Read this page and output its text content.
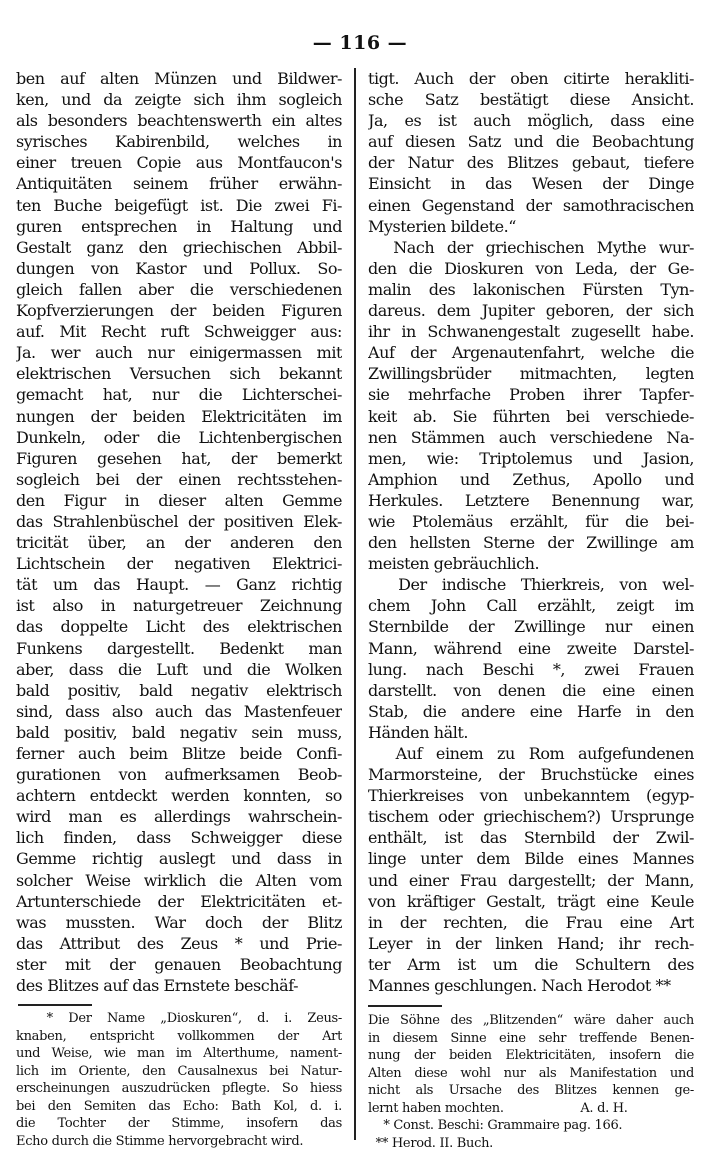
— 116 —
ben auf alten Münzen und Bildwer-
ken, und da zeigte sich ihm sogleich
als besonders beachtenswerth ein altes
syrisches Kabirenbild, welches in
einer treuen Copie aus Montfaucon's
Antiquitäten seinem früher erwähn-
ten Buche beigefügt ist. Die zwei Fi-
guren entsprechen in Haltung und
Gestalt ganz den griechischen Abbil-
dungen von Kastor und Pollux. So-
gleich fallen aber die verschiedenen
Kopfverzierungen der beiden Figuren
auf. Mit Recht ruft Schweigger aus:
Ja. wer auch nur einigermassen mit
elektrischen Versuchen sich bekannt
gemacht hat, nur die Lichterschei-
nungen der beiden Elektricitäten im
Dunkeln, oder die Lichtenbergischen
Figuren gesehen hat, der bemerkt
sogleich bei der einen rechtsstehen-
den Figur in dieser alten Gemme
das Strahlenbüschel der positiven Elek-
tricität über, an der anderen den
Lichtschein der negativen Elektrici-
tät um das Haupt. — Ganz richtig
ist also in naturgetreuer Zeichnung
das doppelte Licht des elektrischen
Funkens dargestellt. Bedenkt man
aber, dass die Luft und die Wolken
bald positiv, bald negativ elektrisch
sind, dass also auch das Mastenfeuer
bald positiv, bald negativ sein muss,
ferner auch beim Blitze beide Confi-
gurationen von aufmerksamen Beob-
achtern entdeckt werden konnten, so
wird man es allerdings wahrschein-
lich finden, dass Schweigger diese
Gemme richtig auslegt und dass in
solcher Weise wirklich die Alten vom
Artunterschiede der Elektricitäten et-
was mussten. War doch der Blitz
das Attribut des Zeus * und Prie-
ster mit der genauen Beobachtung
des Blitzes auf das Ernstete beschäf-
tigt. Auch der oben citirte heraklitі-
sche Satz bestätigt diese Ansicht.
Ja, es ist auch möglich, dass eine
auf diesen Satz und die Beobachtung
der Natur des Blitzes gebaut, tiefere
Einsicht in das Wesen der Dinge
einen Gegenstand der samothracischen
Mysterien bildete.“
Nach der griechischen Mythe wur-
den die Dioskuren von Leda, der Ge-
malin des lakonischen Fürsten Tyn-
dareus. dem Jupiter geboren, der sich
ihr in Schwanengestalt zugesellt habe.
Auf der Argenautenfahrt, welche die
Zwillingsbrüder mitmachten, legten
sie mehrfache Proben ihrer Tapfer-
keit ab. Sie führten bei verschiede-
nen Stämmen auch verschiedene Na-
men, wie: Triptolemus und Jasion,
Amphion und Zethus, Apollo und
Herkules. Letztere Benennung war,
wie Ptolemäus erzählt, für die bei-
den hellsten Sterne der Zwillinge am
meisten gebräuchlich.
Der indische Thierkreis, von wel-
chem John Call erzählt, zeigt im
Sternbilde der Zwillinge nur einen
Mann, während eine zweite Darstel-
lung. nach Beschi *, zwei Frauen
darstellt. von denen die eine einen
Stab, die andere eine Harfe in den
Händen hält.
Auf einem zu Rom aufgefundenen
Marmorsteine, der Bruchstücke eines
Thierkreises von unbekanntem (egyp-
tischem oder griechischem?) Ursprunge
enthält, ist das Sternbild der Zwil-
linge unter dem Bilde eines Mannes
und einer Frau dargestellt; der Mann,
von kräftiger Gestalt, trägt eine Keule
in der rechten, die Frau eine Art
Leyer in der linken Hand; ihr rech-
ter Arm ist um die Schultern des
Mannes geschlungen. Nach Herodot **
* Der Name „Dioskuren“, d. i. Zeus-
knaben, entspricht vollkommen der Art
und Weise, wie man im Alterthume, nament-
lich im Oriente, den Causalnexus bei Natur-
erscheinungen auszudrücken pflegte. So hiess
bei den Semiten das Echo: Bath Kol, d. i.
die Tochter der Stimme, insofern das
Echo durch die Stimme hervorgebracht wird.
Die Söhne des „Blitzenden“ wäre daher auch
in diesem Sinne eine sehr treffende Benen-
nung der beiden Elektricitäten, insofern die
Alten diese wohl nur als Manifestation und
nicht als Ursache des Blitzes kennen ge-
lernt haben mochten.                    A. d. H.
* Const. Beschi: Grammaire pag. 166.
** Herod. II. Buch.
